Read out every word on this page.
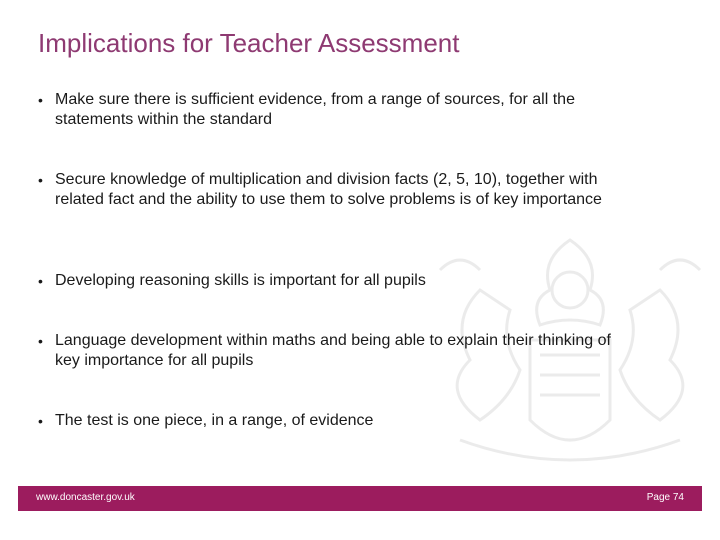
Implications for Teacher Assessment
• Make sure there is sufficient evidence, from a range of sources, for all the statements within the standard
• Secure knowledge of multiplication and division facts (2, 5, 10), together with related fact and the ability to use them to solve problems is of key importance
• Developing reasoning skills is important for all pupils
• Language development within maths and being able to explain their thinking of key importance for all pupils
• The test is one piece, in a range, of evidence
www.doncaster.gov.uk	Page 74
